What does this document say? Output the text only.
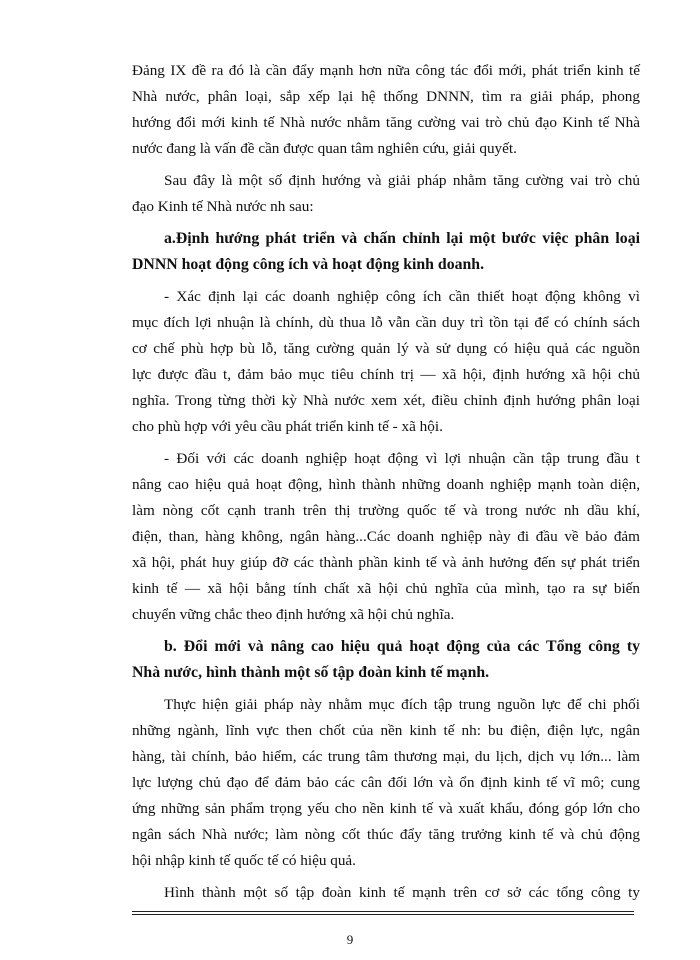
Đảng IX đề ra đó là cần đẩy mạnh hơn nữa công tác đổi mới, phát triển kinh tế
Nhà nước, phân loại, sắp xếp lại hệ thống DNNN, tìm ra giải pháp, phong
hướng đổi mới kinh tế Nhà nước nhằm tăng cường vai trò chủ đạo Kinh tế Nhà
nước đang là vấn đề cần được quan tâm nghiên cứu, giải quyết.
Sau đây là một số định hướng và giải pháp nhằm tăng cường vai trò chủ
đạo Kinh tế Nhà nước nh sau:
a.Định hướng phát triển và chấn chỉnh lại một bước việc phân loại
DNNN hoạt động công ích và hoạt động kinh doanh.
- Xác định lại các doanh nghiệp công ích cần thiết hoạt động không vì
mục đích lợi nhuận là chính, dù thua lỗ vẫn cần duy trì tồn tại để có chính sách
cơ chế phù hợp bù lỗ, tăng cường quản lý và sử dụng có hiệu quả các nguồn
lực được đầu t, đảm bảo mục tiêu chính trị — xã hội, định hướng xã hội chủ
nghĩa. Trong từng thời kỳ Nhà nước xem xét, điều chỉnh định hướng phân loại
cho phù hợp với yêu cầu phát triển kinh tế - xã hội.
- Đối với các doanh nghiệp hoạt động vì lợi nhuận cần tập trung đầu t
nâng cao hiệu quả hoạt động, hình thành những doanh nghiệp mạnh toàn diện,
làm nòng cốt cạnh tranh trên thị trường quốc tế và trong nước nh dầu khí,
điện, than, hàng không, ngân hàng...Các doanh nghiệp này đi đầu về bảo đảm
xã hội, phát huy giúp đỡ các thành phần kinh tế và ảnh hưởng đến sự phát triển
kinh tế — xã hội bằng tính chất xã hội chủ nghĩa của mình, tạo ra sự biến
chuyển vững chắc theo định hướng xã hội chủ nghĩa.
b. Đổi mới và nâng cao hiệu quả hoạt động của các Tổng công ty
Nhà nước, hình thành một số tập đoàn kinh tế mạnh.
Thực hiện giải pháp này nhằm mục đích tập trung nguồn lực để chi phối
những ngành, lĩnh vực then chốt của nền kinh tế nh: bu điện, điện lực, ngân
hàng, tài chính, bảo hiểm, các trung tâm thương mại, du lịch, dịch vụ lớn... làm
lực lượng chủ đạo để đảm bảo các cân đối lớn và ổn định kinh tế vĩ mô; cung
ứng những sản phẩm trọng yếu cho nền kinh tế và xuất khẩu, đóng góp lớn cho
ngân sách Nhà nước; làm nòng cốt thúc đẩy tăng trưởng kinh tế và chủ động
hội nhập kinh tế quốc tế có hiệu quả.
Hình thành một số tập đoàn kinh tế mạnh trên cơ sở các tổng công ty
9
